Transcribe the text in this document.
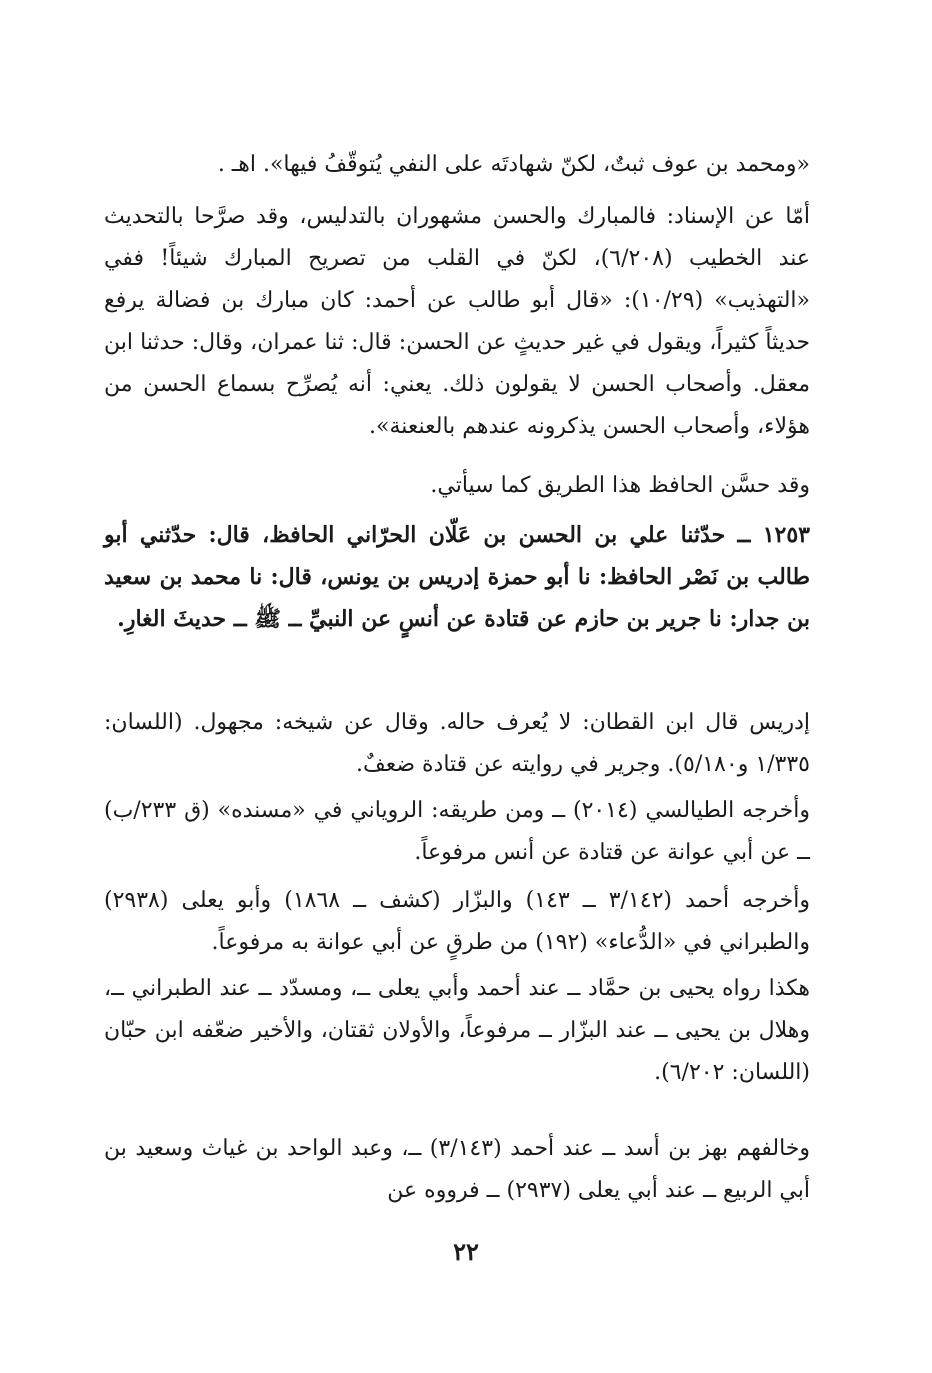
«ومحمد بن عوف ثبتٌ، لكنّ شهادتَه على النفي يُتوقّفُ فيها». اهـ .

أمّا عن الإسناد: فالمبارك والحسن مشهوران بالتدليس، وقد صرَّحا بالتحديث عند الخطيب (٦/٢٠٨)، لكنّ في القلب من تصريح المبارك شيئاً! ففي «التهذيب» (١٠/٢٩): «قال أبو طالب عن أحمد: كان مبارك بن فضالة يرفع حديثاً كثيراً، ويقول في غير حديثٍ عن الحسن: قال: ثنا عمران، وقال: حدثنا ابن معقل. وأصحاب الحسن لا يقولون ذلك. يعني: أنه يُصرِّح بسماع الحسن من هؤلاء، وأصحاب الحسن يذكرونه عندهم بالعنعنة».

وقد حسَّن الحافظ هذا الطريق كما سيأتي.

١٢٥٣ ــ حدّثنا علي بن الحسن بن عَلّان الحرّاني الحافظ، قال: حدّثني أبو طالب بن نَصْر الحافظ: نا أبو حمزة إدريس بن يونس، قال: نا محمد بن سعيد بن جدار: نا جرير بن حازم عن قتادة عن أنسٍ عن النبيِّ ــ ﷺ ــ حديثَ الغارِ.

إدريس قال ابن القطان: لا يُعرف حاله. وقال عن شيخه: مجهول. (اللسان: ١/٣٣٥ و٥/١٨٠). وجرير في روايته عن قتادة ضعفٌ.

وأخرجه الطيالسي (٢٠١٤) ــ ومن طريقه: الروياني في «مسنده» (ق ٢٣٣/ب) ــ عن أبي عوانة عن قتادة عن أنس مرفوعاً.

وأخرجه أحمد (٣/١٤٢ ــ ١٤٣) والبزّار (كشف ــ ١٨٦٨) وأبو يعلى (٢٩٣٨) والطبراني في «الدُّعاء» (١٩٢) من طرقٍ عن أبي عوانة به مرفوعاً.

هكذا رواه يحيى بن حمَّاد ــ عند أحمد وأبي يعلى ــ، ومسدّد ــ عند الطبراني ــ، وهلال بن يحيى ــ عند البزّار ــ مرفوعاً، والأولان ثقتان، والأخير ضعّفه ابن حبّان (اللسان: ٦/٢٠٢).

وخالفهم بهز بن أسد ــ عند أحمد (٣/١٤٣) ــ، وعبد الواحد بن غياث وسعيد بن أبي الربيع ــ عند أبي يعلى (٢٩٣٧) ــ فرووه عن

٢٢
